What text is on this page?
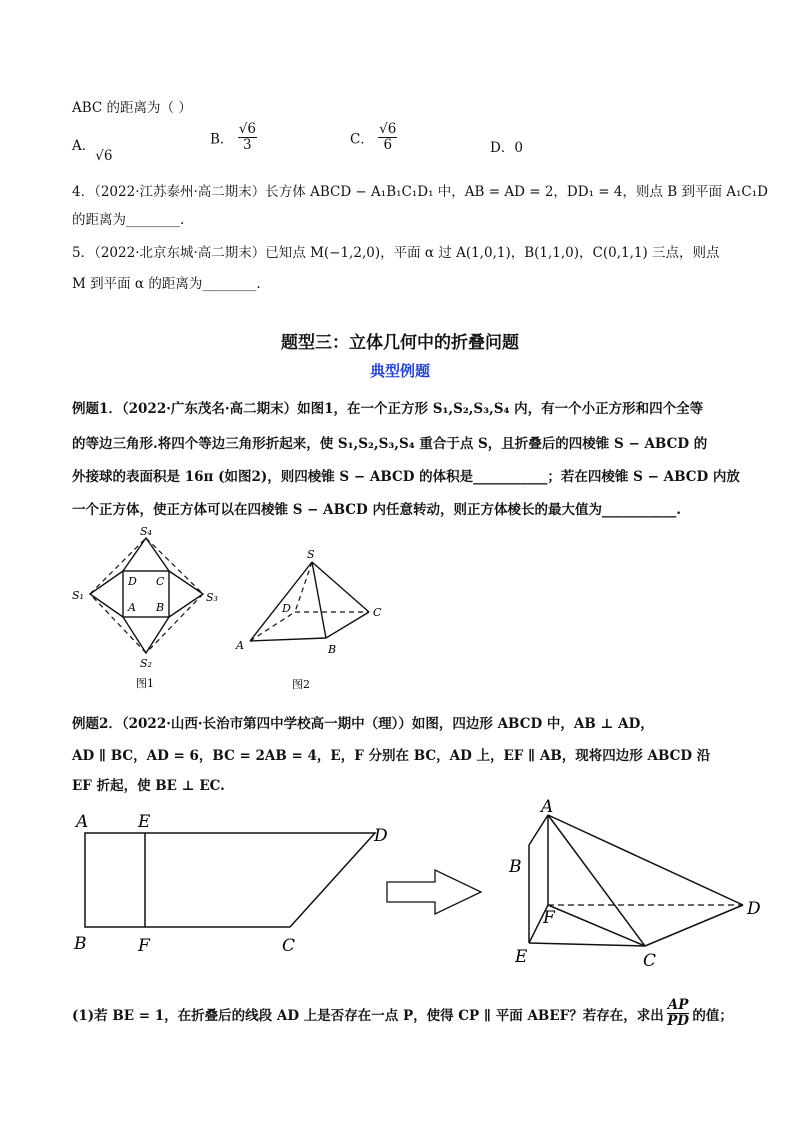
ABC 的距离为（ ）
A．√6
B． $\frac{√6}{3}$	C． $\frac{√6}{6}$	D．0
4．（2022·江苏泰州·高二期末）长方体 ABCD − A₁B₁C₁D₁ 中，AB = AD = 2，DD₁ = 4，则点 B 到平面 A₁C₁D
的距离为________.
5．（2022·北京东城·高二期末）已知点 M(−1,2,0)，平面 α 过 A(1,0,1)，B(1,1,0)，C(0,1,1) 三点，则点
M 到平面 α 的距离为________.
题型三：立体几何中的折叠问题
典型例题
例题1．（2022·广东茂名·高二期末）如图1，在一个正方形 S₁,S₂,S₃,S₄ 内，有一个小正方形和四个全等
的等边三角形.将四个等边三角形折起来，使 S₁,S₂,S₃,S₄ 重合于点 S，且折叠后的四棱锥 S − ABCD 的
外接球的表面积是 16π (如图2)，则四棱锥 S − ABCD 的体积是___________；若在四棱锥 S − ABCD 内放
一个正方体，使正方体可以在四棱锥 S − ABCD 内任意转动，则正方体棱长的最大值为___________.
S₄
S₁	S₃
S₂
D C
A B
图1
S
D	C
A	B
图2
例题2．（2022·山西·长治市第四中学校高一期中（理））如图，四边形 ABCD 中，AB ⊥ AD，
AD ∥ BC，AD = 6，BC = 2AB = 4，E，F 分别在 BC，AD 上，EF ∥ AB，现将四边形 ABCD 沿
EF 折起，使 BE ⊥ EC.
A	E
D
B	F	C
A
B
F	D
E	C
(1)若 BE = 1，在折叠后的线段 AD 上是否存在一点 P，使得 CP ∥ 平面 ABEF？若存在，求出 $\frac{AP}{PD}$ 的值；
